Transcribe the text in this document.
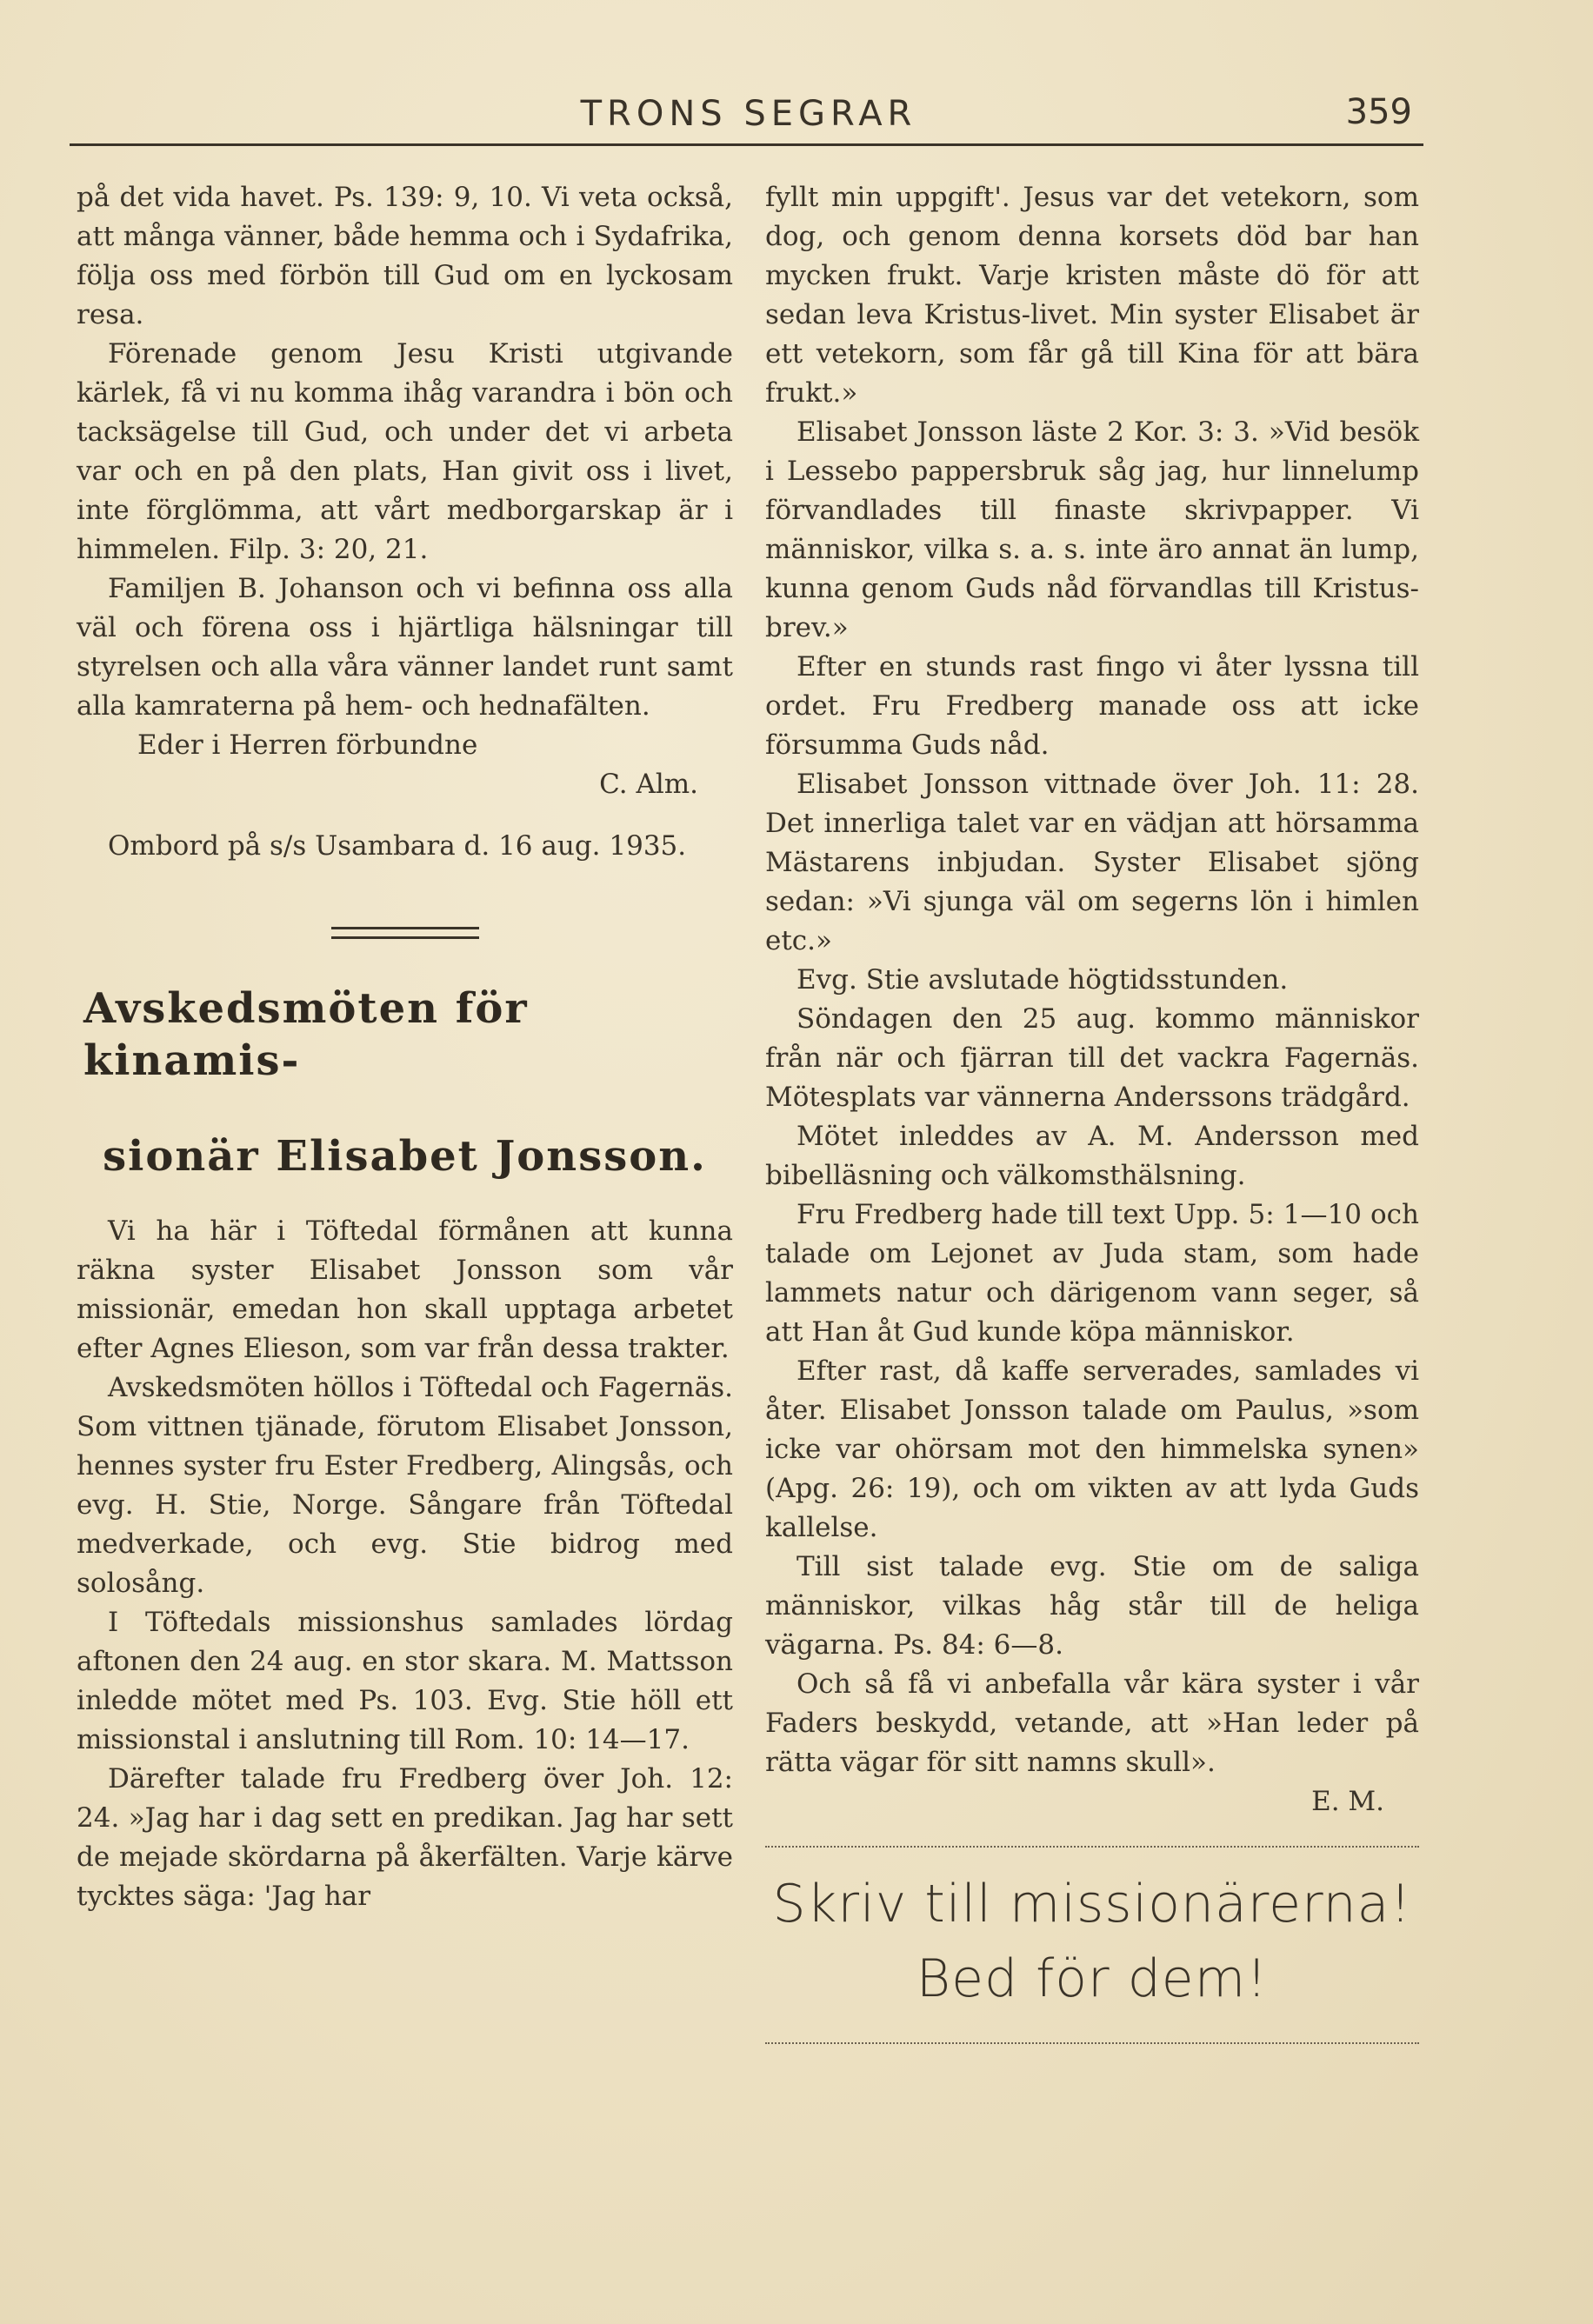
TRONS SEGRAR	359

på det vida havet. Ps. 139: 9, 10. Vi veta också, att många vänner, både hemma och i Sydafrika, följa oss med förbön till Gud om en lyckosam resa.

Förenade genom Jesu Kristi utgivande kärlek, få vi nu komma ihåg varandra i bön och tacksägelse till Gud, och under det vi arbeta var och en på den plats, Han givit oss i livet, inte förglömma, att vårt medborgarskap är i himmelen. Filp. 3: 20, 21.

Familjen B. Johanson och vi befinna oss alla väl och förena oss i hjärtliga hälsningar till styrelsen och alla våra vänner landet runt samt alla kamraterna på hem- och hednafälten.

Eder i Herren förbundne

C. Alm.

Ombord på s/s Usambara d. 16 aug. 1935.

Avskedsmöten för kinamis-
sionär Elisabet Jonsson.

Vi ha här i Töftedal förmånen att kunna räkna syster Elisabet Jonsson som vår missionär, emedan hon skall upptaga arbetet efter Agnes Elieson, som var från dessa trakter.

Avskedsmöten höllos i Töftedal och Fagernäs. Som vittnen tjänade, förutom Elisabet Jonsson, hennes syster fru Ester Fredberg, Alingsås, och evg. H. Stie, Norge. Sångare från Töftedal medverkade, och evg. Stie bidrog med solosång.

I Töftedals missionshus samlades lördag aftonen den 24 aug. en stor skara. M. Mattsson inledde mötet med Ps. 103. Evg. Stie höll ett missionstal i anslutning till Rom. 10: 14—17.

Därefter talade fru Fredberg över Joh. 12: 24. »Jag har i dag sett en predikan. Jag har sett de mejade skördarna på åkerfälten. Varje kärve tycktes säga: 'Jag har

fyllt min uppgift'. Jesus var det vetekorn, som dog, och genom denna korsets död bar han mycken frukt. Varje kristen måste dö för att sedan leva Kristus-livet. Min syster Elisabet är ett vetekorn, som får gå till Kina för att bära frukt.»

Elisabet Jonsson läste 2 Kor. 3: 3. »Vid besök i Lessebo pappersbruk såg jag, hur linnelump förvandlades till finaste skrivpapper. Vi människor, vilka s. a. s. inte äro annat än lump, kunna genom Guds nåd förvandlas till Kristus-brev.»

Efter en stunds rast fingo vi åter lyssna till ordet. Fru Fredberg manade oss att icke försumma Guds nåd.

Elisabet Jonsson vittnade över Joh. 11: 28. Det innerliga talet var en vädjan att hörsamma Mästarens inbjudan. Syster Elisabet sjöng sedan: »Vi sjunga väl om segerns lön i himlen etc.»

Evg. Stie avslutade högtidsstunden.

Söndagen den 25 aug. kommo människor från när och fjärran till det vackra Fagernäs. Mötesplats var vännerna Anderssons trädgård.

Mötet inleddes av A. M. Andersson med bibelläsning och välkomsthälsning.

Fru Fredberg hade till text Upp. 5: 1—10 och talade om Lejonet av Juda stam, som hade lammets natur och därigenom vann seger, så att Han åt Gud kunde köpa människor.

Efter rast, då kaffe serverades, samlades vi åter. Elisabet Jonsson talade om Paulus, »som icke var ohörsam mot den himmelska synen» (Apg. 26: 19), och om vikten av att lyda Guds kallelse.

Till sist talade evg. Stie om de saliga människor, vilkas håg står till de heliga vägarna. Ps. 84: 6—8.

Och så få vi anbefalla vår kära syster i vår Faders beskydd, vetande, att »Han leder på rätta vägar för sitt namns skull».

E. M.

Skriv till missionärerna!
Bed för dem!
